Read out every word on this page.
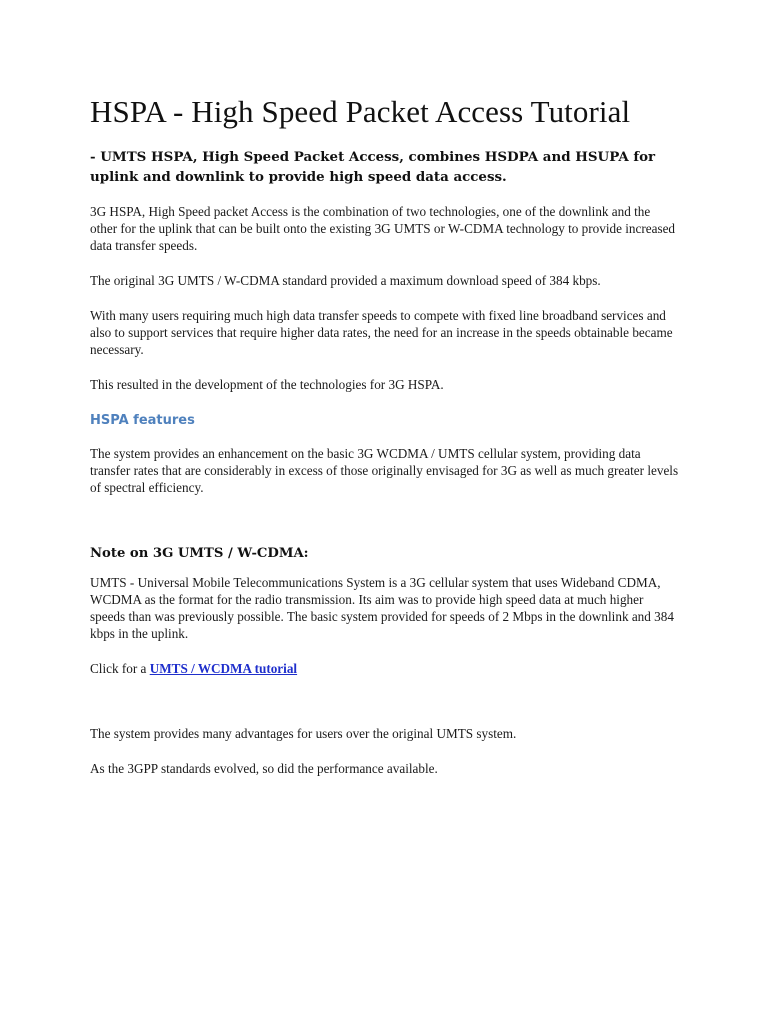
HSPA - High Speed Packet Access Tutorial
- UMTS HSPA, High Speed Packet Access, combines HSDPA and HSUPA for uplink and downlink to provide high speed data access.

3G HSPA, High Speed packet Access is the combination of two technologies, one of the downlink and the other for the uplink that can be built onto the existing 3G UMTS or W-CDMA technology to provide increased data transfer speeds.

The original 3G UMTS / W-CDMA standard provided a maximum download speed of 384 kbps.

With many users requiring much high data transfer speeds to compete with fixed line broadband services and also to support services that require higher data rates, the need for an increase in the speeds obtainable became necessary.

This resulted in the development of the technologies for 3G HSPA.

HSPA features

The system provides an enhancement on the basic 3G WCDMA / UMTS cellular system, providing data transfer rates that are considerably in excess of those originally envisaged for 3G as well as much greater levels of spectral efficiency.

Note on 3G UMTS / W-CDMA:

UMTS - Universal Mobile Telecommunications System is a 3G cellular system that uses Wideband CDMA, WCDMA as the format for the radio transmission. Its aim was to provide high speed data at much higher speeds than was previously possible. The basic system provided for speeds of 2 Mbps in the downlink and 384 kbps in the uplink.

Click for a UMTS / WCDMA tutorial

The system provides many advantages for users over the original UMTS system.

As the 3GPP standards evolved, so did the performance available.
